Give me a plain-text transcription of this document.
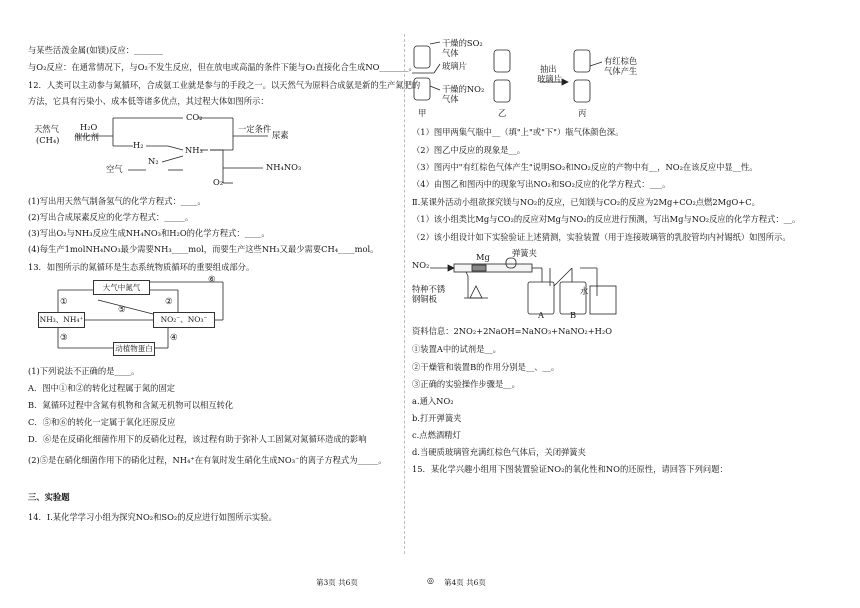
与某些活泼金属(如镁)反应：_______
与O₂反应：在通常情况下，与O₂不发生反应，但在放电或高温的条件下能与O₂直接化合生成NO_______。
12．人类可以主动参与氮循环，合成氨工业就是参与的手段之一。以天然气为原料合成氨是新的生产氮肥的
方法，它具有污染小、成本低等诸多优点，其过程大体如图所示：
天然气
(CH₄)
H₂O
催化剂
CO₂
一定条件
尿素
H₂	NH₃
空气
N₂
NH₄NO₃
O₂
(1)写出用天然气制备氢气的化学方程式：____。
(2)写出合成尿素反应的化学方程式：_____。
(3)写出O₂与NH₃反应生成NH₄NO₃和H₂O的化学方程式：____。
(4)每生产1molNH₄NO₃最少需要NH₃____mol，而要生产这些NH₃又最少需要CH₄____mol。
13．如图所示的氮循环是生态系统物质循环的重要组成部分。
大气中氮气
NH₃、NH₄⁺	NO₂⁻、NO₃⁻
动植物蛋白
①	②
③	④
⑤
⑥
(1)下列说法不正确的是____。
A．图中①和②的转化过程属于氮的固定
B．氮循环过程中含氮有机物和含氮无机物可以相互转化
C．⑤和⑥的转化一定属于氧化还原反应
D．⑥是在反硝化细菌作用下的反硝化过程，该过程有助于弥补人工固氮对氮循环造成的影响
(2)⑤是在硝化细菌作用下的硝化过程，NH₄⁺在有氧时发生硝化生成NO₃⁻的离子方程式为_____。
三、实验题
14．Ⅰ.某化学学习小组为探究NO₂和SO₂的反应进行如图所示实验。
干燥的SO₂
气体
玻璃片
干燥的NO₂
气体
抽出
玻璃片
有红棕色
气体产生
甲	乙	丙
（1）图甲两集气瓶中__（填"上"或"下"）瓶气体颜色深。
（2）图乙中反应的现象是__。
（3）图丙中"有红棕色气体产生"说明SO₂和NO₂反应的产物中有__，NO₂在该反应中显__性。
（4）由图乙和图丙中的现象写出NO₂和SO₂反应的化学方程式：___。
Ⅱ.某课外活动小组欲探究镁与NO₂的反应，已知镁与CO₂的反应为2Mg+CO₂点燃2MgO+C。
（1）该小组类比Mg与CO₂的反应对Mg与NO₂的反应进行预测，写出Mg与NO₂反应的化学方程式：__。
（2）该小组设计如下实验验证上述猜测，实验装置（用于连接玻璃管的乳胶管均内衬锡纸）如图所示。
NO₂
Mg	弹簧夹
特种不锈
钢铜板
水
A	B
资料信息：2NO₂+2NaOH=NaNO₃+NaNO₂+H₂O
①装置A中的试剂是__。
②干燥管和装置B的作用分别是__、__。
③正确的实验操作步骤是__。
a.通入NO₂
b.打开弹簧夹
c.点燃酒精灯
d.当硬质玻璃管充满红棕色气体后，关闭弹簧夹
15．某化学兴趣小组用下图装置验证NO₂的氧化性和NO的还原性，请回答下列问题：
第3页 共6页	◎ 第4页 共6页
